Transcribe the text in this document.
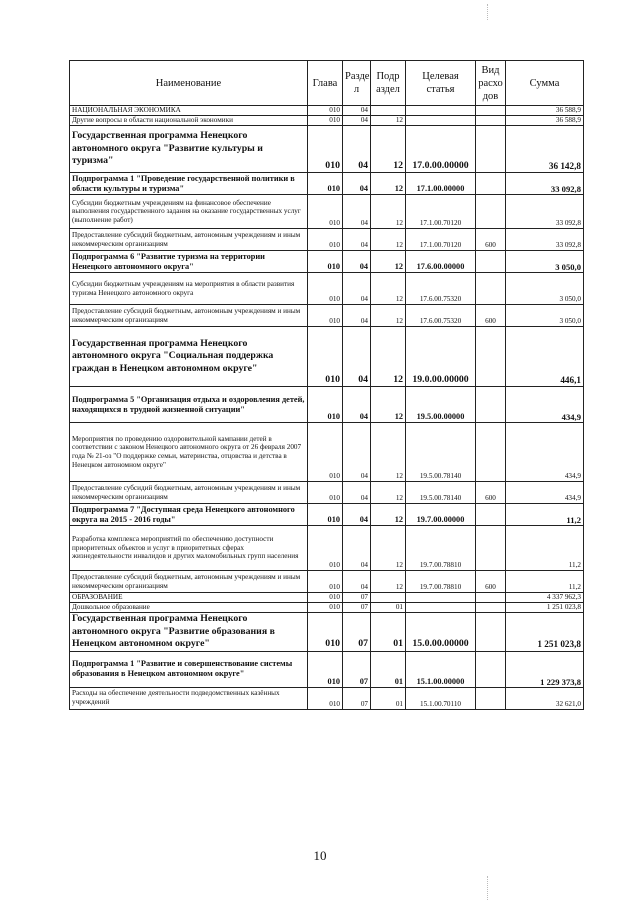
Наименование	Глава	Разде л	Подр аздел	Целевая статья	Вид расхо дов	Сумма
НАЦИОНАЛЬНАЯ ЭКОНОМИКА	010	04				36 588,9
Другие вопросы в области национальной экономики	010	04	12			36 588,9
Государственная программа Ненецкого автономного округа "Развитие культуры и туризма"	010	04	12	17.0.00.00000		36 142,8
Подпрограмма 1 "Проведение государственной политики в области культуры и туризма"	010	04	12	17.1.00.00000		33 092,8
Субсидии бюджетным учреждениям на финансовое обеспечение выполнения государственного задания на оказание государственных услуг (выполнение работ)	010	04	12	17.1.00.70120		33 092,8
Предоставление субсидий бюджетным, автономным учреждениям и иным некоммерческим организациям	010	04	12	17.1.00.70120	600	33 092,8
Подпрограмма 6 "Развитие туризма на территории Ненецкого автономного округа"	010	04	12	17.6.00.00000		3 050,0
Субсидии бюджетным учреждениям на мероприятия в области развития туризма Ненецкого автономного округа	010	04	12	17.6.00.75320		3 050,0
Предоставление субсидий бюджетным, автономным учреждениям и иным некоммерческим организациям	010	04	12	17.6.00.75320	600	3 050,0
Государственная программа Ненецкого автономного округа "Социальная поддержка граждан в Ненецком автономном округе"	010	04	12	19.0.00.00000		446,1
Подпрограмма 5 "Организация отдыха и оздоровления детей, находящихся в трудной жизненной ситуации"	010	04	12	19.5.00.00000		434,9
Мероприятия по проведению оздоровительной кампании детей в соответствии с законом Ненецкого автономного округа от 26 февраля 2007 года № 21-оз "О поддержке семьи, материнства, отцовства и детства в Ненецком автономном округе"	010	04	12	19.5.00.78140		434,9
Предоставление субсидий бюджетным, автономным учреждениям и иным некоммерческим организациям	010	04	12	19.5.00.78140	600	434,9
Подпрограмма 7 "Доступная среда Ненецкого автономного округа на 2015 - 2016 годы"	010	04	12	19.7.00.00000		11,2
Разработка комплекса мероприятий по обеспечению доступности приоритетных объектов и услуг в приоритетных сферах жизнедеятельности инвалидов и других маломобильных групп населения	010	04	12	19.7.00.78810		11,2
Предоставление субсидий бюджетным, автономным учреждениям и иным некоммерческим организациям	010	04	12	19.7.00.78810	600	11,2
ОБРАЗОВАНИЕ	010	07				4 337 962,3
Дошкольное образование	010	07	01			1 251 023,8
Государственная программа Ненецкого автономного округа "Развитие образования в Ненецком автономном округе"	010	07	01	15.0.00.00000		1 251 023,8
Подпрограмма 1 "Развитие и совершенствование системы образования в Ненецком автономном округе"	010	07	01	15.1.00.00000		1 229 373,8
Расходы на обеспечение деятельности подведомственных казённых учреждений	010	07	01	15.1.00.70110		32 621,0
10
